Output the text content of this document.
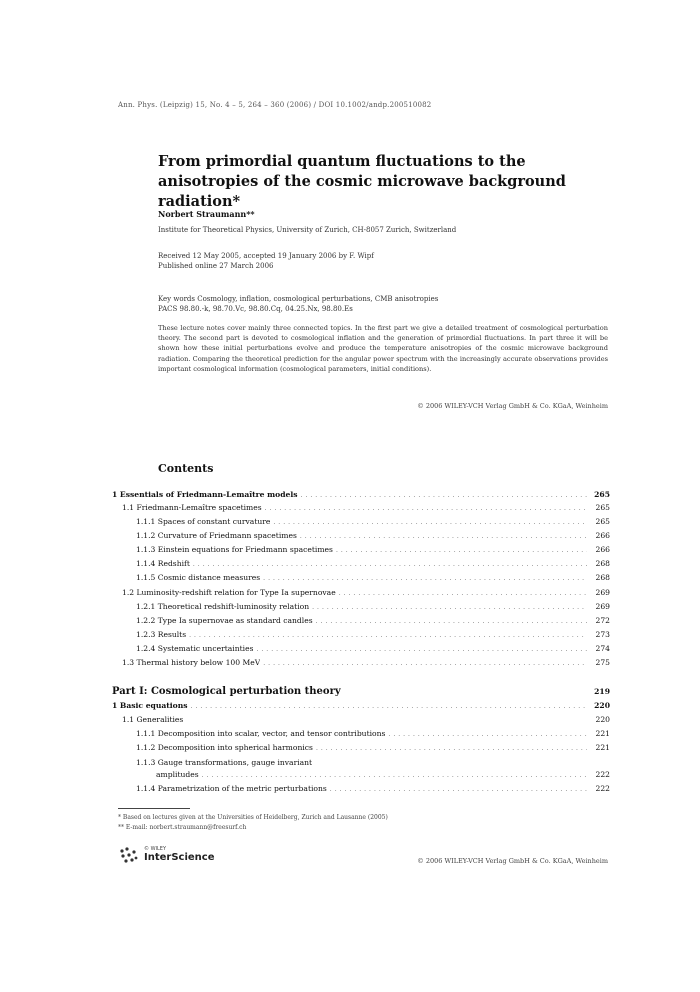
Ann. Phys. (Leipzig) 15, No. 4 – 5, 264 – 360 (2006) / DOI 10.1002/andp.200510082
From primordial quantum fluctuations to the anisotropies of the cosmic microwave background radiation*
Norbert Straumann**
Institute for Theoretical Physics, University of Zurich, CH-8057 Zurich, Switzerland
Received 12 May 2005, accepted 19 January 2006 by F. Wipf
Published online 27 March 2006
Key words Cosmology, inflation, cosmological perturbations, CMB anisotropies
PACS 98.80.-k, 98.70.Vc, 98.80.Cq, 04.25.Nx, 98.80.Es
These lecture notes cover mainly three connected topics. In the first part we give a detailed treatment of cosmological perturbation theory. The second part is devoted to cosmological inflation and the generation of primordial fluctuations. In part three it will be shown how these initial perturbations evolve and produce the temperature anisotropies of the cosmic microwave background radiation. Comparing the theoretical prediction for the angular power spectrum with the increasingly accurate observations provides important cosmological information (cosmological parameters, initial conditions).
© 2006 WILEY-VCH Verlag GmbH & Co. KGaA, Weinheim
Contents
1 Essentials of Friedmann-Lemaître models .....	265
1.1 Friedmann-Lemaître spacetimes .....	265
1.1.1 Spaces of constant curvature .....	265
1.1.2 Curvature of Friedmann spacetimes .....	266
1.1.3 Einstein equations for Friedmann spacetimes .....	266
1.1.4 Redshift .....	268
1.1.5 Cosmic distance measures .....	268
1.2 Luminosity-redshift relation for Type Ia supernovae .....	269
1.2.1 Theoretical redshift-luminosity relation .....	269
1.2.2 Type Ia supernovae as standard candles .....	272
1.2.3 Results .....	273
1.2.4 Systematic uncertainties .....	274
1.3 Thermal history below 100 MeV .....	275
Part I: Cosmological perturbation theory	219
1 Basic equations .....	220
1.1 Generalities	220
1.1.1 Decomposition into scalar, vector, and tensor contributions .....	221
1.1.2 Decomposition into spherical harmonics .....	221
1.1.3 Gauge transformations, gauge invariant
amplitudes .....	222
1.1.4 Parametrization of the metric perturbations .....	222
* Based on lectures given at the Universities of Heidelberg, Zurich and Lausanne (2005)
** E-mail: norbert.straumann@freesurf.ch
© WILEY
InterScience	© 2006 WILEY-VCH Verlag GmbH & Co. KGaA, Weinheim
